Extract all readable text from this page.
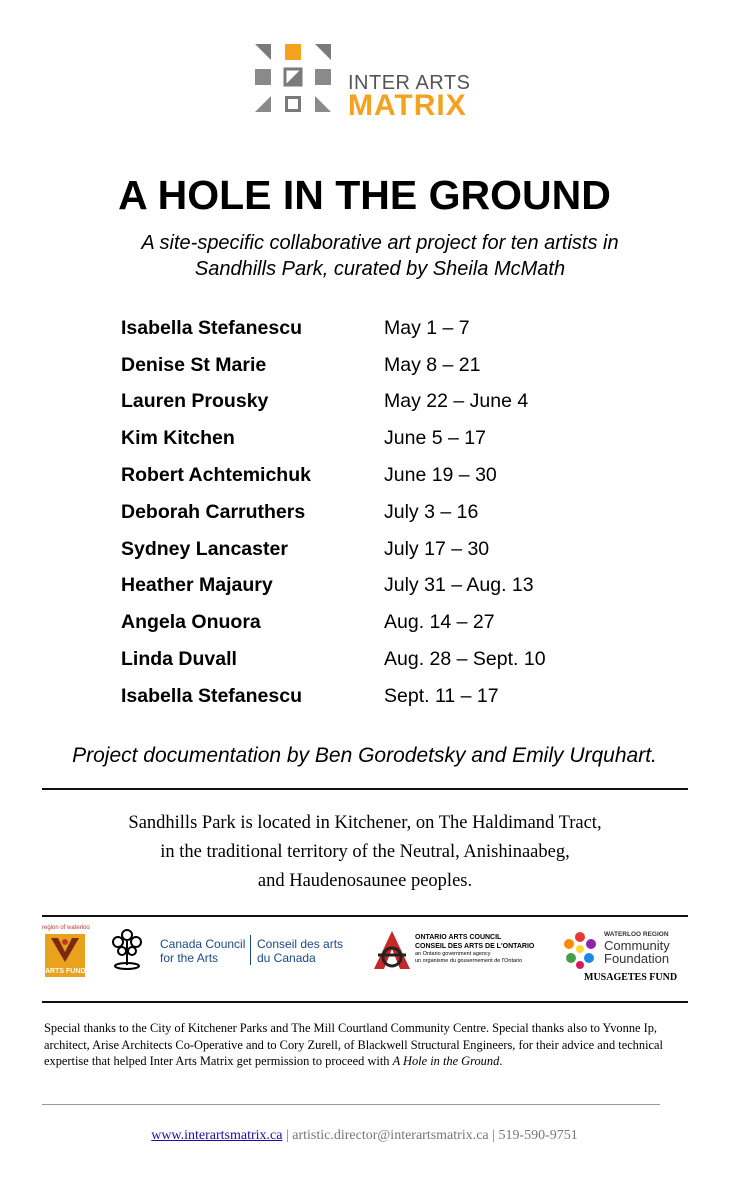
INTER ARTS
MATRIX
A HOLE IN THE GROUND
A site-specific collaborative art project for ten artists in Sandhills Park, curated by Sheila McMath
Isabella Stefanescu	May 1 – 7
Denise St Marie	May 8 – 21
Lauren Prousky	May 22 – June 4
Kim Kitchen	June 5 – 17
Robert Achtemichuk	June 19 – 30
Deborah Carruthers	July 3 – 16
Sydney Lancaster	July 17 – 30
Heather Majaury	July 31 – Aug. 13
Angela Onuora	Aug. 14 – 27
Linda Duvall	Aug. 28 – Sept. 10
Isabella Stefanescu	Sept. 11 – 17
Project documentation by Ben Gorodetsky and Emily Urquhart.
Sandhills Park is located in Kitchener, on The Haldimand Tract,
in the traditional territory of the Neutral, Anishinaabeg,
and Haudenosaunee peoples.
region of waterloo
ARTS FUND
Canada Council
for the Arts
Conseil des arts
du Canada
ONTARIO ARTS COUNCIL
CONSEIL DES ARTS DE L'ONTARIO
an Ontario government agency
un organisme du gouvernement de l'Ontario
WATERLOO REGION
Community
Foundation
MUSAGETES FUND
Special thanks to the City of Kitchener Parks and The Mill Courtland Community Centre. Special thanks also to Yvonne Ip, architect, Arise Architects Co-Operative and to Cory Zurell, of Blackwell Structural Engineers, for their advice and technical expertise that helped Inter Arts Matrix get permission to proceed with A Hole in the Ground.
www.interartsmatrix.ca | artistic.director@interartsmatrix.ca | 519-590-9751
